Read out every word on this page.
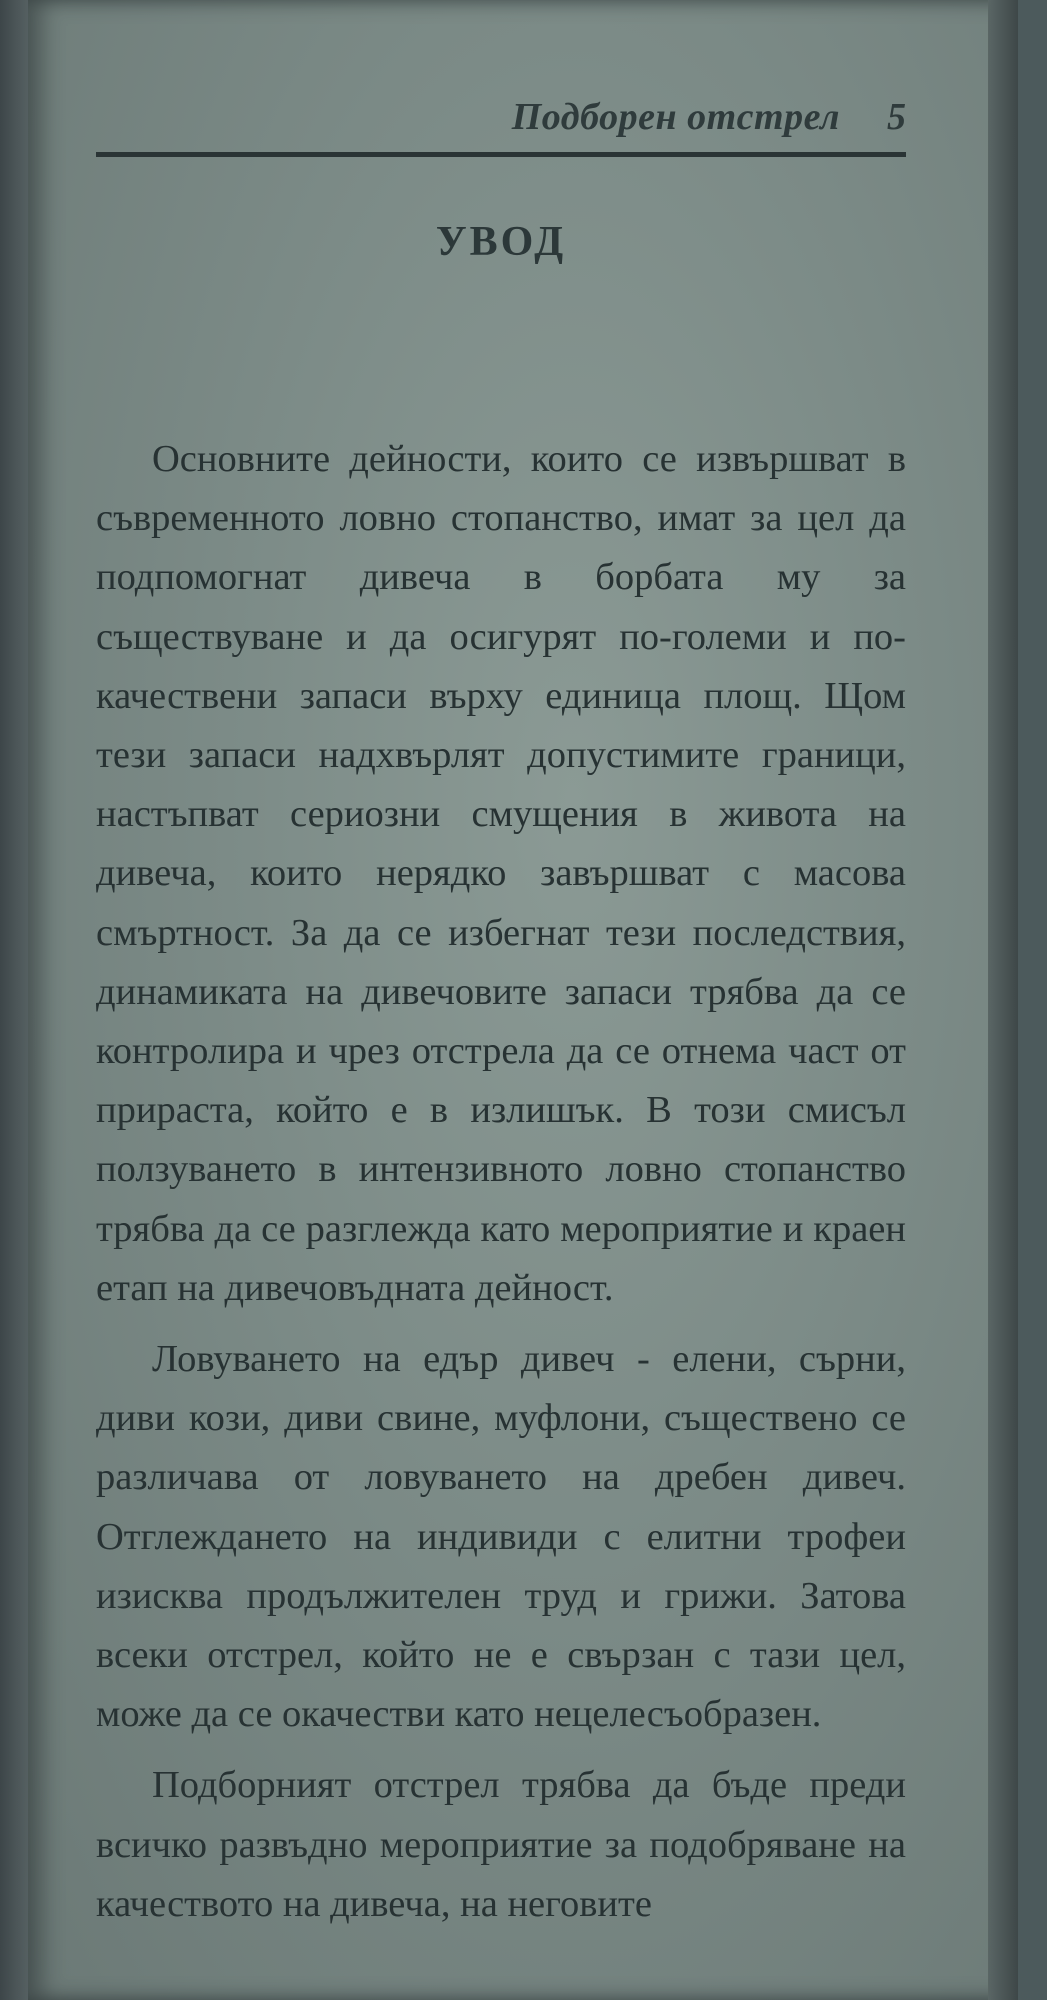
Подборен отстрел 5
УВОД

Основните дейности, които се извършват в съвременното ловно стопанство, имат за цел да подпомогнат дивеча в борбата му за съществуване и да осигурят по-големи и по-качествени запаси върху единица площ. Щом тези запаси надхвърлят допустимите граници, настъпват сериозни смущения в живота на дивеча, които нерядко завършват с масова смъртност. За да се избегнат тези последствия, динамиката на дивечовите запаси трябва да се контролира и чрез отстрела да се отнема част от прираста, който е в излишък. В този смисъл ползуването в интензивното ловно стопанство трябва да се разглежда като мероприятие и краен етап на дивечовъдната дейност.

Ловуването на едър дивеч - елени, сърни, диви кози, диви свине, муфлони, съществено се различава от ловуването на дребен дивеч. Отглеждането на индивиди с елитни трофеи изисква продължителен труд и грижи. Затова всеки отстрел, който не е свързан с тази цел, може да се окачестви като нецелесъобразен.

Подборният отстрел трябва да бъде преди всичко развъдно мероприятие за подобряване на качеството на дивеча, на неговите
